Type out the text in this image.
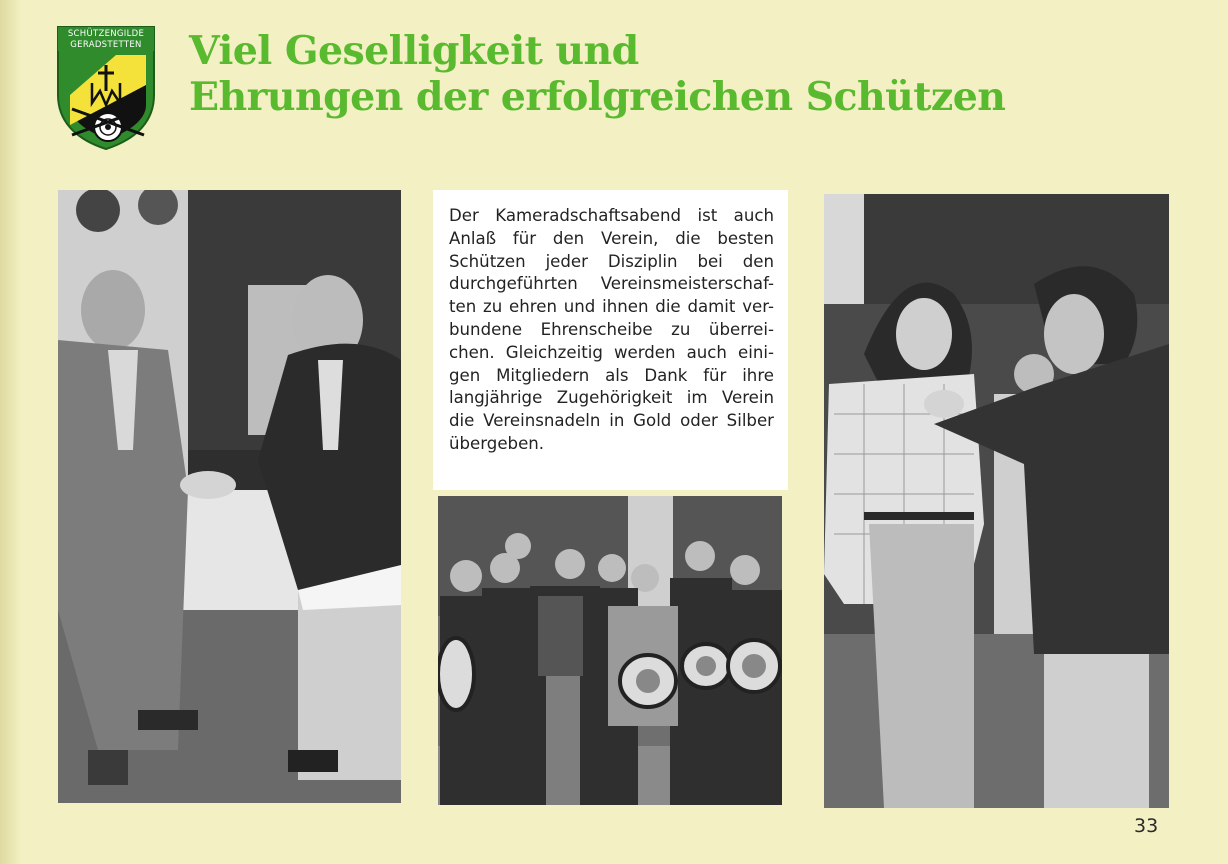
SCHÜTZENGILDE
GERADSTETTEN	Viel Geselligkeit und
Ehrungen der erfolgreichen Schützen
Der Kameradschaftsabend ist auch
Anlaß für den Verein, die besten
Schützen jeder Disziplin bei den
durchgeführten Vereinsmeisterschaf-
ten zu ehren und ihnen die damit ver-
bundene Ehrenscheibe zu überrei-
chen. Gleichzeitig werden auch eini-
gen Mitgliedern als Dank für ihre
langjährige Zugehörigkeit im Verein
die Vereinsnadeln in Gold oder Silber
übergeben.
33
